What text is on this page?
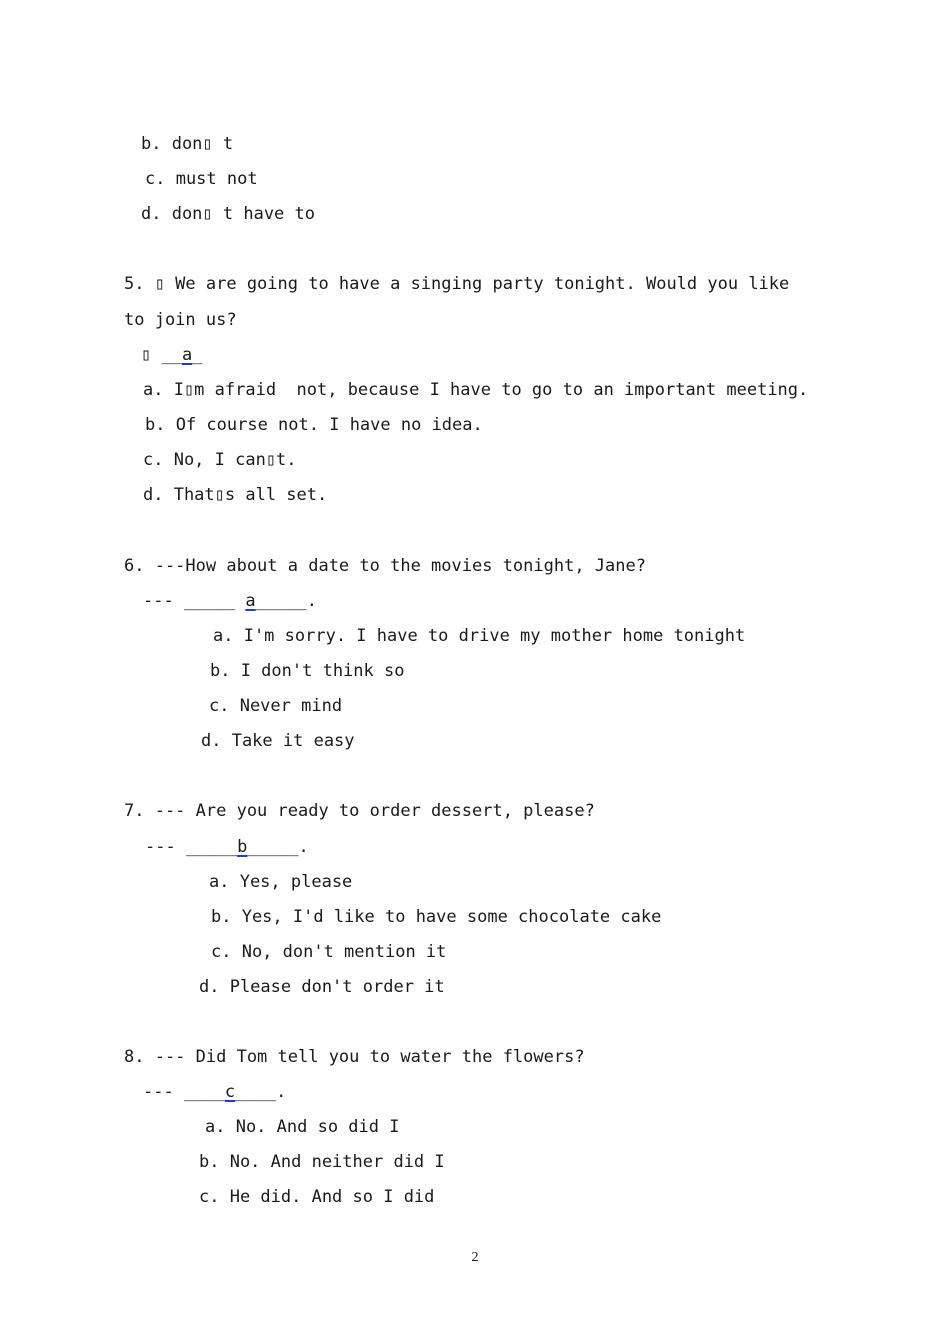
b. don▯ t
c. must not
d. don▯ t have to
5. ▯ We are going to have a singing party tonight. Would you like
to join us?
▯ __a_
a. I▯m afraid  not, because I have to go to an important meeting.
b. Of course not. I have no idea.
c. No, I can▯t.
d. That▯s all set.
6. ---How about a date to the movies tonight, Jane?
--- _____ a_____.
a. I'm sorry. I have to drive my mother home tonight
b. I don't think so
c. Never mind
d. Take it easy
7. --- Are you ready to order dessert, please?
--- _____b_____.
a. Yes, please
b. Yes, I'd like to have some chocolate cake
c. No, don't mention it
d. Please don't order it
8. --- Did Tom tell you to water the flowers?
--- ____c____.
a. No. And so did I
b. No. And neither did I
c. He did. And so I did
2
